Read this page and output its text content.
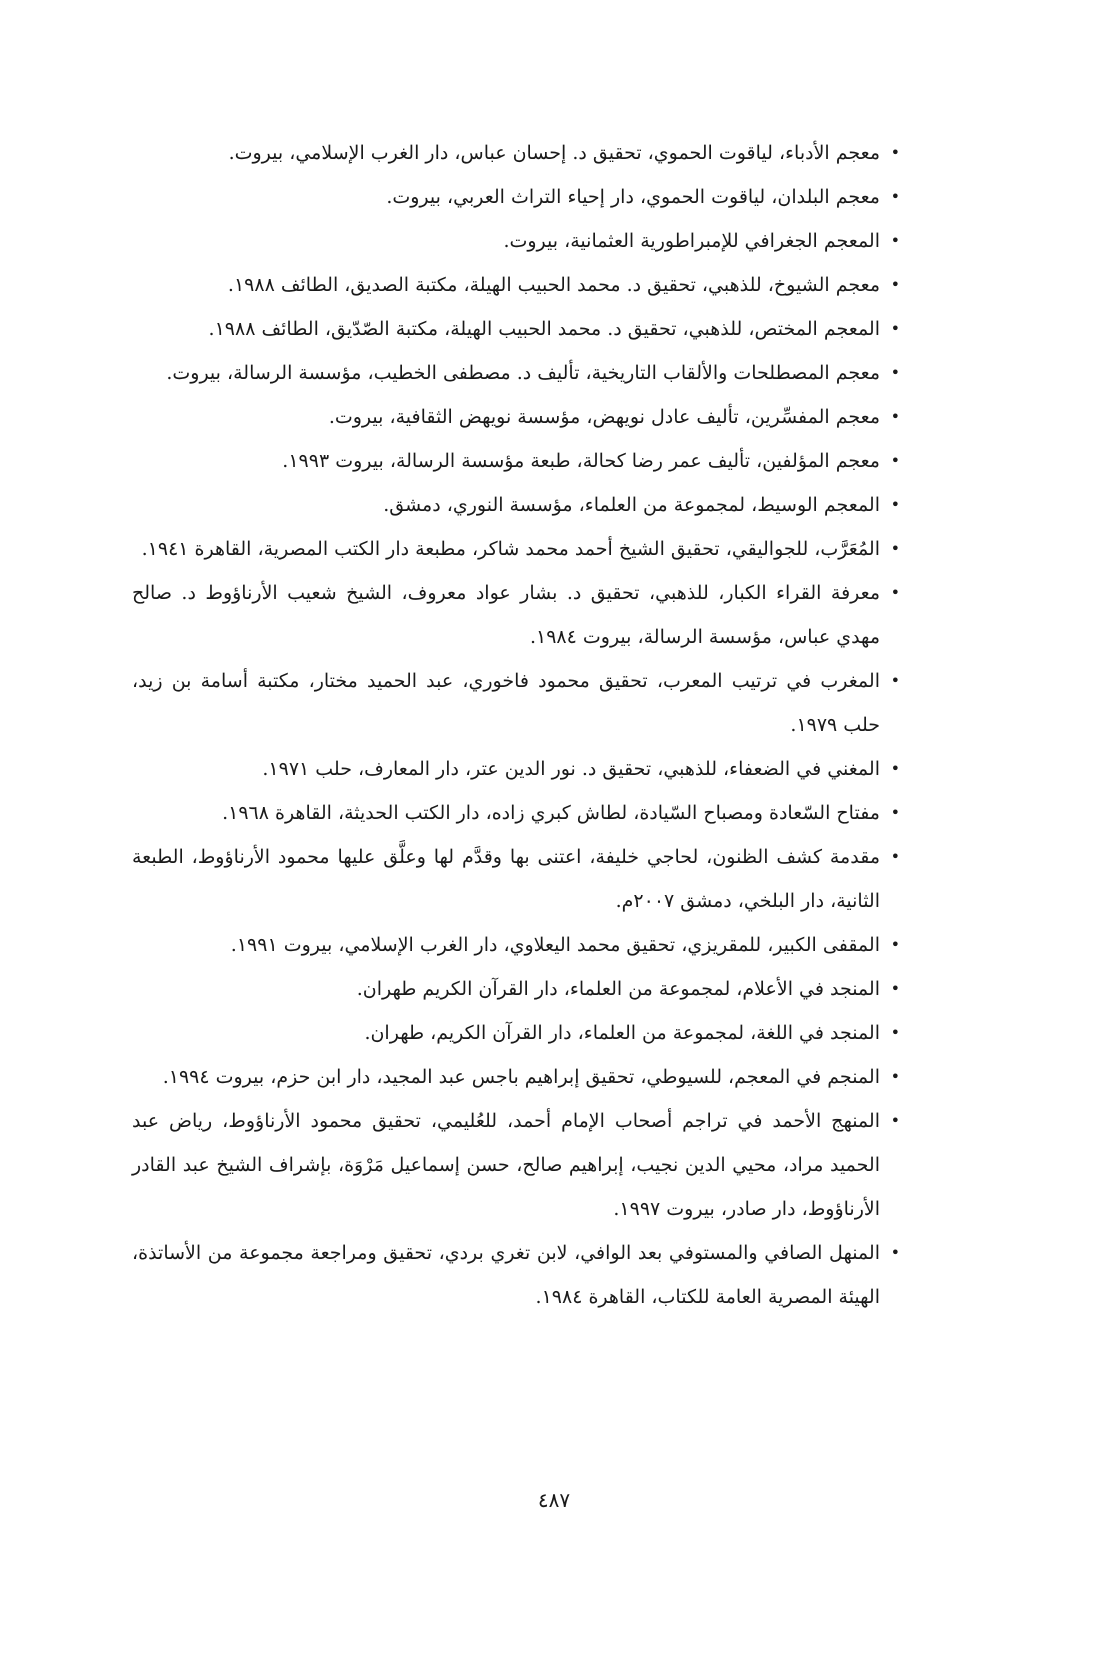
• معجم الأدباء، لياقوت الحموي، تحقيق د. إحسان عباس، دار الغرب الإسلامي، بيروت.
• معجم البلدان، لياقوت الحموي، دار إحياء التراث العربي، بيروت.
• المعجم الجغرافي للإمبراطورية العثمانية، بيروت.
• معجم الشيوخ، للذهبي، تحقيق د. محمد الحبيب الهيلة، مكتبة الصديق، الطائف ١٩٨٨.
• المعجم المختص، للذهبي، تحقيق د. محمد الحبيب الهيلة، مكتبة الصّدّيق، الطائف ١٩٨٨.
• معجم المصطلحات والألقاب التاريخية، تأليف د. مصطفى الخطيب، مؤسسة الرسالة، بيروت.
• معجم المفسِّرين، تأليف عادل نويهض، مؤسسة نويهض الثقافية، بيروت.
• معجم المؤلفين، تأليف عمر رضا كحالة، طبعة مؤسسة الرسالة، بيروت ١٩٩٣.
• المعجم الوسيط، لمجموعة من العلماء، مؤسسة النوري، دمشق.
• المُعَرَّب، للجواليقي، تحقيق الشيخ أحمد محمد شاكر، مطبعة دار الكتب المصرية، القاهرة ١٩٤١.
• معرفة القراء الكبار، للذهبي، تحقيق د. بشار عواد معروف، الشيخ شعيب الأرناؤوط د. صالح مهدي عباس، مؤسسة الرسالة، بيروت ١٩٨٤.
• المغرب في ترتيب المعرب، تحقيق محمود فاخوري، عبد الحميد مختار، مكتبة أسامة بن زيد، حلب ١٩٧٩.
• المغني في الضعفاء، للذهبي، تحقيق د. نور الدين عتر، دار المعارف، حلب ١٩٧١.
• مفتاح السّعادة ومصباح السّيادة، لطاش كبري زاده، دار الكتب الحديثة، القاهرة ١٩٦٨.
• مقدمة كشف الظنون، لحاجي خليفة، اعتنى بها وقدَّم لها وعلَّق عليها محمود الأرناؤوط، الطبعة الثانية، دار البلخي، دمشق ٢٠٠٧م.
• المقفى الكبير، للمقريزي، تحقيق محمد اليعلاوي، دار الغرب الإسلامي، بيروت ١٩٩١.
• المنجد في الأعلام، لمجموعة من العلماء، دار القرآن الكريم طهران.
• المنجد في اللغة، لمجموعة من العلماء، دار القرآن الكريم، طهران.
• المنجم في المعجم، للسيوطي، تحقيق إبراهيم باجس عبد المجيد، دار ابن حزم، بيروت ١٩٩٤.
• المنهج الأحمد في تراجم أصحاب الإمام أحمد، للعُليمي، تحقيق محمود الأرناؤوط، رياض عبد الحميد مراد، محيي الدين نجيب، إبراهيم صالح، حسن إسماعيل مَرْوَة، بإشراف الشيخ عبد القادر الأرناؤوط، دار صادر، بيروت ١٩٩٧.
• المنهل الصافي والمستوفي بعد الوافي، لابن تغري بردي، تحقيق ومراجعة مجموعة من الأساتذة، الهيئة المصرية العامة للكتاب، القاهرة ١٩٨٤.
٤٨٧
